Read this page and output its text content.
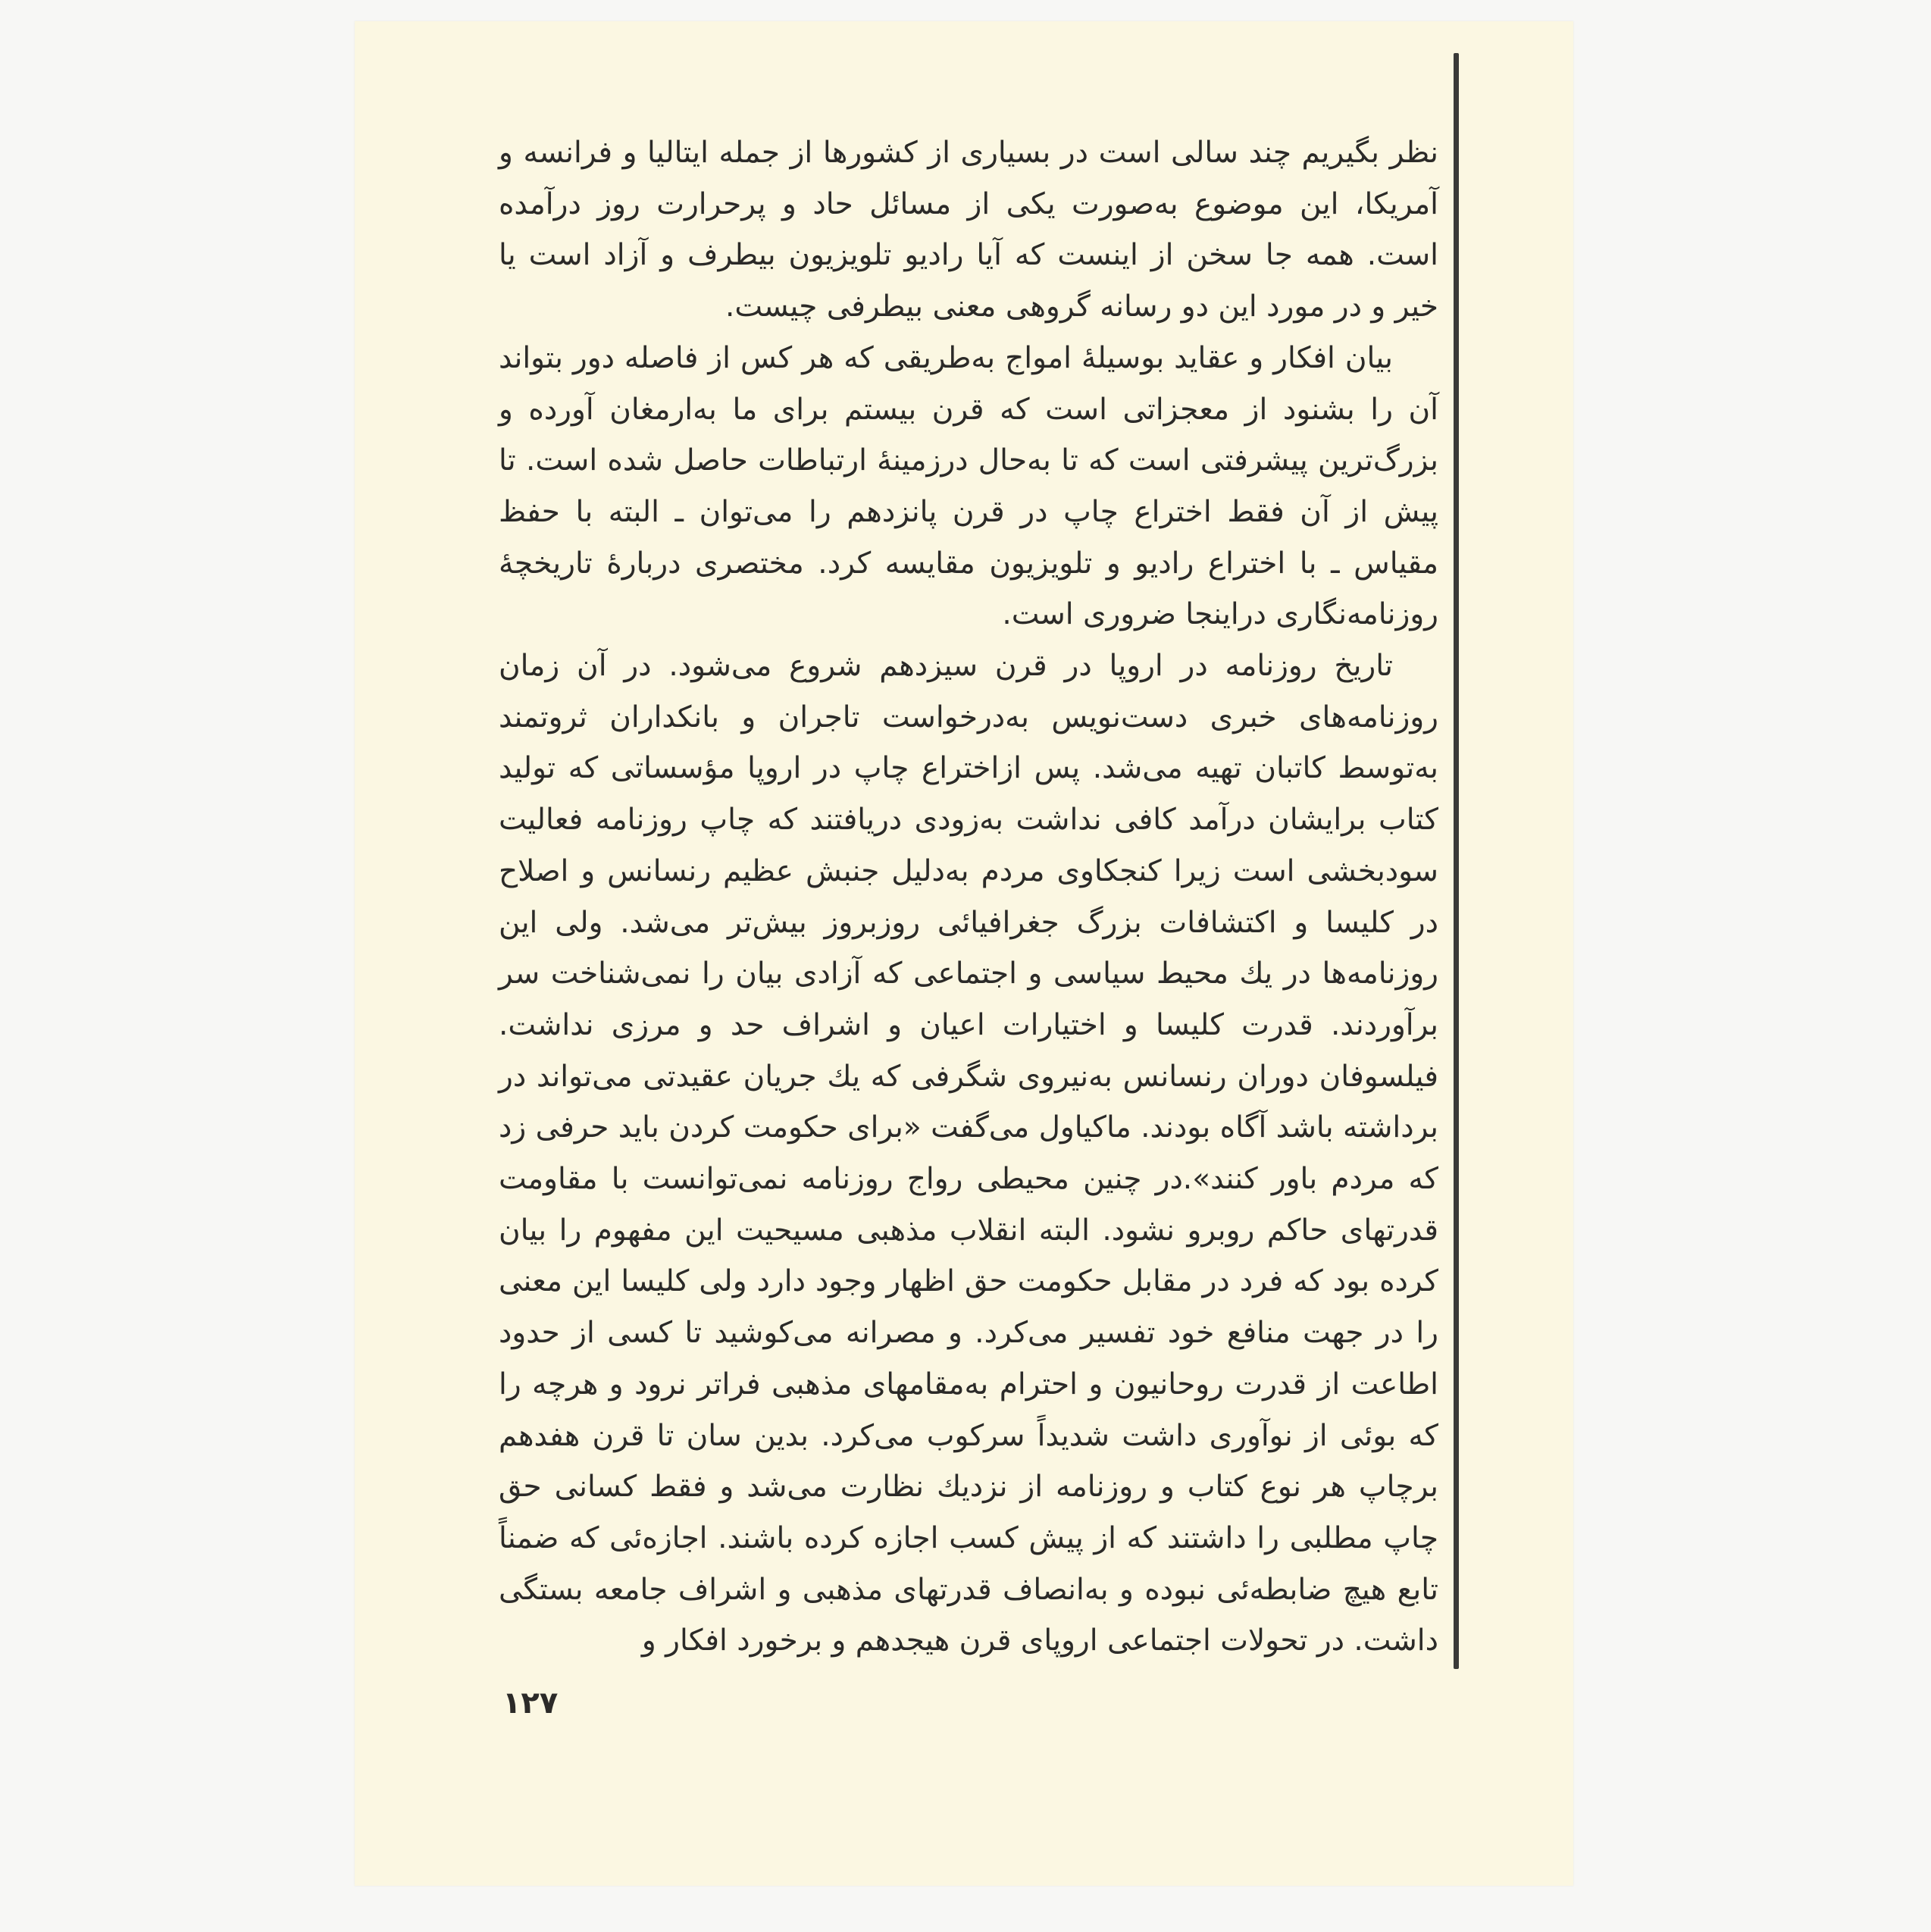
نظر بگیریم چند سالی است در بسیاری از کشورها از جمله ایتالیا و فرانسه و آمریکا، این موضوع به‌صورت یکی از مسائل حاد و پرحرارت روز درآمده است. همه جا سخن از اینست که آیا رادیو تلویزیون بیطرف و آزاد است یا خیر و در مورد این دو رسانه گروهی معنی بیطرفی چیست.

بیان افکار و عقاید بوسیلهٔ امواج به‌طریقی که هر کس از فاصله دور بتواند آن را بشنود از معجزاتی است که قرن بیستم برای ما به‌ارمغان آورده و بزرگ‌ترین پیشرفتی است که تا به‌حال درزمینهٔ ارتباطات حاصل شده است. تا پیش از آن فقط اختراع چاپ در قرن پانزدهم را می‌توان ـ البته با حفظ مقیاس ـ با اختراع رادیو و تلویزیون مقایسه کرد. مختصری دربارهٔ تاریخچهٔ روزنامه‌نگاری دراینجا ضروری است.

تاریخ روزنامه در اروپا در قرن سیزدهم شروع می‌شود. در آن زمان روزنامه‌های خبری دست‌نویس به‌درخواست تاجران و بانکداران ثروتمند به‌توسط کاتبان تهیه می‌شد. پس ازاختراع چاپ در اروپا مؤسساتی که تولید کتاب برایشان درآمد کافی نداشت به‌زودی دریافتند که چاپ روزنامه فعالیت سودبخشی است زیرا کنجکاوی مردم به‌دلیل جنبش عظیم رنسانس و اصلاح در کلیسا و اکتشافات بزرگ جغرافیائی روزبروز بیش‌تر می‌شد. ولی این روزنامه‌ها در یك محیط سیاسی و اجتماعی که آزادی بیان را نمی‌شناخت سر برآوردند. قدرت کلیسا و اختیارات اعیان و اشراف حد و مرزی نداشت. فیلسوفان دوران رنسانس به‌نیروی شگرفی که یك جریان عقیدتی می‌تواند در برداشته باشد آگاه بودند. ماکیاول می‌گفت «برای حکومت کردن باید حرفی زد که مردم باور کنند».در چنین محیطی رواج روزنامه نمی‌توانست با مقاومت قدرتهای حاکم روبرو نشود. البته انقلاب مذهبی مسیحیت این مفهوم را بیان کرده بود که فرد در مقابل حکومت حق اظهار وجود دارد ولی کلیسا این معنی را در جهت منافع خود تفسیر می‌کرد. و مصرانه می‌کوشید تا کسی از حدود اطاعت از قدرت روحانیون و احترام به‌مقامهای مذهبی فراتر نرود و هرچه را که بوئی از نوآوری داشت شدیداً سرکوب می‌کرد. بدین سان تا قرن هفدهم برچاپ هر نوع کتاب و روزنامه از نزدیك نظارت می‌شد و فقط کسانی حق چاپ مطلبی را داشتند که از پیش کسب اجازه کرده باشند. اجازه‌ئی که ضمناً تابع هیچ ضابطه‌ئی نبوده و به‌انصاف قدرتهای مذهبی و اشراف جامعه بستگی داشت. در تحولات اجتماعی اروپای قرن هیجدهم و برخورد افکار و

۱۲۷
